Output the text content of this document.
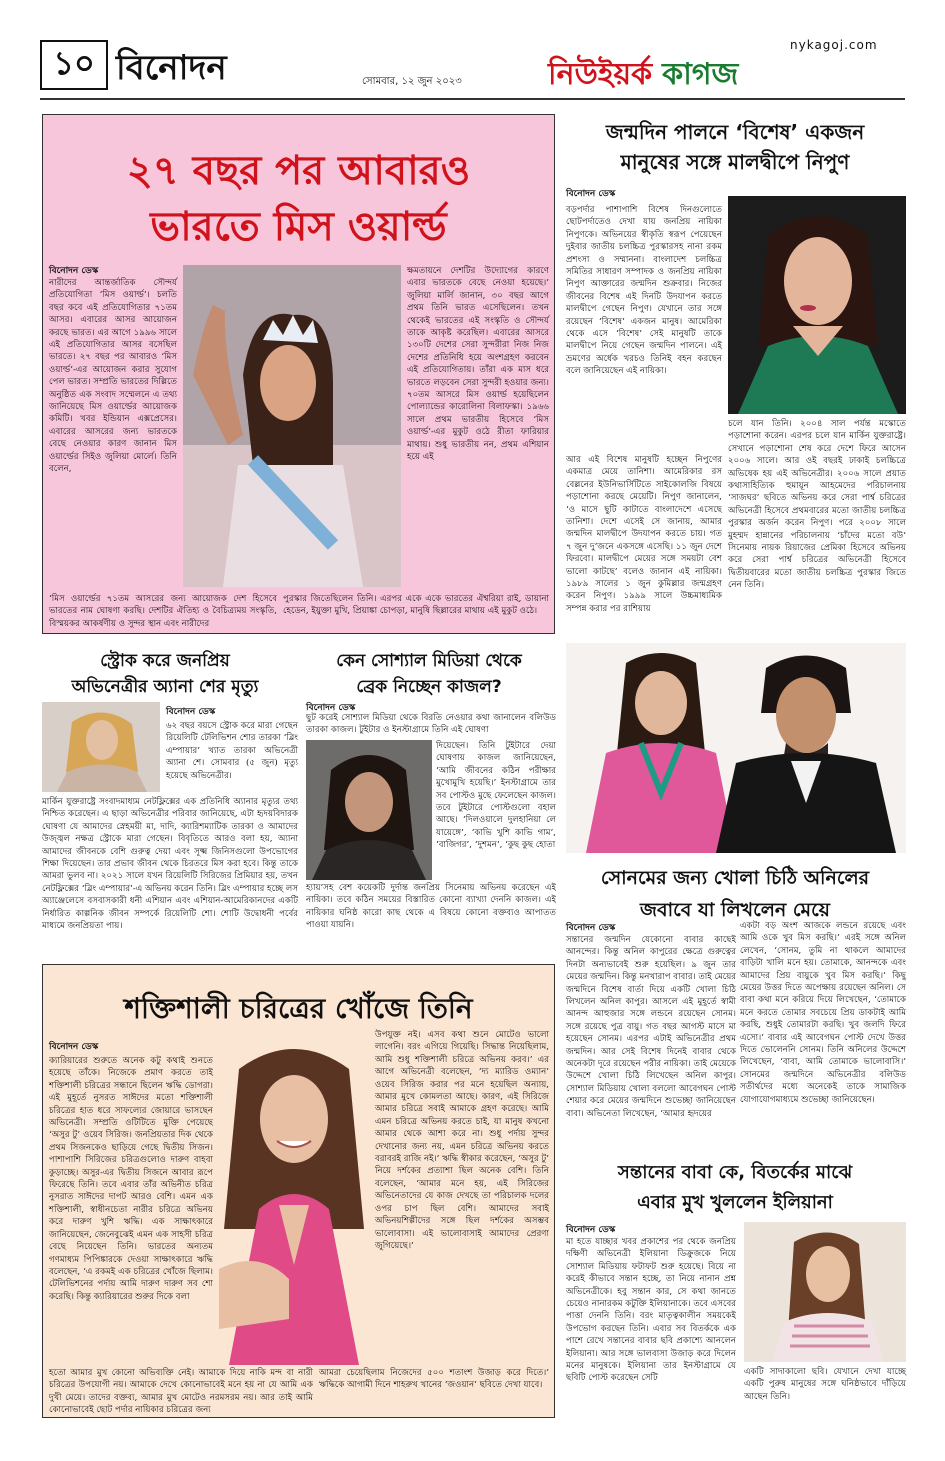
১০ বিনোদন	সোমবার, ১২ জুন ২০২৩
nykagoj.com
নিউইয়র্ক কাগজ
২৭ বছর পর আবারও
ভারতে মিস ওয়ার্ল্ড
বিনোদন ডেস্ক
নারীদের আন্তর্জাতিক সৌন্দর্য প্রতিযোগিতা ‘মিস ওয়ার্ল্ড’। চলতি বছর কবে এই প্রতিযোগিতার ৭১তম আসর। এবারের আসর আয়োজন করছে ভারত। এর আগে ১৯৯৬ সালে এই প্রতিযোগিতার আসর বসেছিল ভারতে। ২৭ বছর পর আবারও ‘মিস ওয়ার্ল্ড’-এর আয়োজন করার সুযোগ পেল ভারত। সম্প্রতি ভারতের দিল্লিতে অনুষ্ঠিত এক সংবাদ সম্মেলনে এ তথ্য জানিয়েছে মিস ওয়ার্ল্ডের আয়োজক কমিটি। খবর ইন্ডিয়ান এক্সপ্রেসের। এবারের আসরের জন্য ভারতকে বেছে নেওয়ার কারণ জানান মিস ওয়ার্ল্ডের সিইও জুলিয়া মোর্লে। তিনি বলেন,
ক্ষমতায়নে দেশটির উদ্যোগের কারণে এবার ভারতকে বেছে নেওয়া হয়েছে।’ জুলিয়া মার্লি জানান, ৩০ বছর আগে প্রথম তিনি ভারত এসেছিলেন। তখন থেকেই ভারতের এই সংস্কৃতি ও সৌন্দর্য তাকে আকৃষ্ট করেছিল। এবারের আসরে ১৩০টি দেশের সেরা সুন্দরীরা নিজ নিজ দেশের প্রতিনিধি হয়ে অংশগ্রহণ করবেন এই প্রতিযোগিতায়। তাঁরা এক মাস ধরে ভারতে লড়বেন সেরা সুন্দরী হওয়ার জন্য। ৭০তম আসরে মিস ওয়ার্ল্ড হয়েছিলেন পোল্যান্ডের কারোলিনা বিলাফস্কা। ১৯৬৬ সালে প্রথম ভারতীয় হিসেবে ‘মিস ওয়ার্ল্ড’-এর মুকুট ওঠে রীতা ফারিয়ার মাথায়। শুধু ভারতীয় নন, প্রথম এশিয়ান হয়ে এই
‘মিস ওয়ার্ল্ডের ৭১তম আসরের জন্য আয়োজক দেশ হিসেবে ভারতের নাম ঘোষণা করছি। দেশটির ঐতিহ্য ও বৈচিত্র্যময় সংস্কৃতি, বিস্ময়কর আকর্ষণীয় ও সুন্দর স্থান এবং নারীদের
পুরস্কার জিতেছিলেন তিনি। এরপর একে একে ভারতের ঐশ্বরিয়া রাই, ডায়ানা হেডেন, ইয়ুক্তা মুখি, প্রিয়াঙ্কা চোপড়া, মানুষি ছিল্লারের মাথায় এই মুকুট ওঠে।
জন্মদিন পালনে ‘বিশেষ’ একজন
মানুষের সঙ্গে মালদ্বীপে নিপুণ
বিনোদন ডেস্ক
বড়পর্দার পাশাপাশি বিশেষ দিনগুলোতে ছোটপর্দাতেও দেখা যায় জনপ্রিয় নায়িকা নিপুণকে। অভিনয়ের স্বীকৃতি স্বরূপ পেয়েছেন দুইবার জাতীয় চলচ্চিত্র পুরস্কারসহ নানা রকম প্রশংসা ও সম্মাননা। বাংলাদেশ চলচ্চিত্র সমিতির সাধারণ সম্পাদক ও জনপ্রিয় নায়িকা নিপুণ আক্তারের জন্মদিন শুক্রবার। নিজের জীবনের বিশেষ এই দিনটি উদযাপন করতে মালদ্বীপে গেছেন নিপুণ। যেখানে তার সঙ্গে রয়েছেন ‘বিশেষ’ একজন মানুষ। আমেরিকা থেকে এসে ‘বিশেষ’ সেই মানুষটি তাকে মালদ্বীপে নিয়ে গেছেন জন্মদিন পালনে। এই ভ্রমণের অর্ধেক খরচও তিনিই বহন করছেন বলে জানিয়েছেন এই নায়িকা।
আর এই বিশেষ মানুষটি হচ্ছেন নিপুণের একমাত্র মেয়ে তানিশা। আমেরিকার রস বেল্লনের ইউনিভার্সিটিতে সাইকোলজি বিষয়ে পড়াশোনা করছে মেয়েটি। নিপুণ জানালেন, ‘ও মাসে ছুটি কাটাতে বাংলাদেশে এসেছে তানিশা। দেশে এসেই সে জানায়, আমার জন্মদিন মালদ্বীপে উদযাপন করতে চায়। গত ৭ জুন দু’জনে একসঙ্গে এসেছি। ১১ জুন দেশে ফিরবো। মালদ্বীপে মেয়ের সঙ্গে সময়টা বেশ ভালো কাটছে’ বলেও জানান এই নায়িকা। ১৯৮৯ সালের ১ জুন কুমিল্লার জন্মগ্রহণ করেন নিপুণ। ১৯৯৯ সালে উচ্চমাধ্যমিক সম্পন্ন করার পর রাশিয়ায়
চলে যান তিনি। ২০০৪ সাল পর্যন্ত মস্কোতে পড়াশোনা করেন। এরপর চলে যান মার্কিন যুক্তরাষ্ট্রে। সেখানে পড়াশোনা শেষ করে দেশে ফিরে আসেন ২০০৬ সালে। আর ওই বছরই ঢাকাই চলচ্চিত্রে অভিষেক হয় এই অভিনেত্রীর। ২০০৬ সালে প্রয়াত কথাসাহিত্যিক হুমায়ূন আহমেদের পরিচালনায় ‘সাজঘর’ ছবিতে অভিনয় করে সেরা পার্শ্ব চরিত্রের অভিনেত্রী হিসেবে প্রথমবারের মতো জাতীয় চলচ্চিত্র পুরস্কার অর্জন করেন নিপুণ। পরে ২০০৮ সালে মুহম্মদ হান্নানের পরিচালনায় ‘চাঁদের মতো বউ’ সিনেমায় নায়ক রিয়াজের প্রেমিকা হিসেবে অভিনয় করে সেরা পার্শ্ব চরিত্রের অভিনেত্রী হিসেবে দ্বিতীয়বারের মতো জাতীয় চলচ্চিত্র পুরস্কার জিতে নেন তিনি।
স্ট্রোক করে জনপ্রিয়
অভিনেত্রীর অ্যানা শের মৃত্যু
বিনোদন ডেস্ক
৬২ বছর বয়সে স্ট্রোক করে মারা গেছেন রিয়েলিটি টেলিভিশন শোর তারকা ‘ব্লিং এম্পায়ার’ খ্যাত তারকা অভিনেত্রী অ্যানা শে। সোমবার (৫ জুন) মৃত্যু হয়েছে অভিনেত্রীর।
মার্কিন যুক্তরাষ্ট্রে সংবাদমাধ্যম নেটফ্লিক্সের এক প্রতিনিধি অ্যানার মৃত্যুর তথ্য নিশ্চিত করেছেন। এ ছাড়া অভিনেত্রীর পরিবার জানিয়েছে, এটা হৃদয়বিদারক ঘোষণা যে আমাদের স্নেহময়ী মা, দাদি, ক্যারিশম্যাটিক তারকা ও আমাদের উজ্জ্বল নক্ষত্র স্ট্রোকে মারা গেছেন। বিবৃতিতে আরও বলা হয়, অ্যানা আমাদের জীবনকে বেশি গুরুত্ব দেয়া এবং সূক্ষ্ম জিনিসগুলো উপভোগের শিক্ষা দিয়েছেন। তার প্রভাব জীবন থেকে চিরতরে মিস করা হবে। কিন্তু তাকে আমরা ভুলব না। ২০২১ সালে যখন রিয়েলিটি সিরিজের প্রিমিয়ার হয়, তখন নেটফ্লিক্সের ‘ব্লিং এম্পায়ার’-এ অভিনয় করেন তিনি। ব্লিং এম্পায়ার হচ্ছে লস অ্যাঞ্জেলেসে বসবাসকারী ধনী এশিয়ান এবং এশিয়ান-আমেরিকানদের একটি নির্ধারিত কাল্পনিক জীবন সম্পর্কে রিয়েলিটি শো। শোটি উদ্বোধনী পর্বের মাধ্যমে জনপ্রিয়তা পায়।
কেন সোশ্যাল মিডিয়া থেকে
ব্রেক নিচ্ছেন কাজল?
বিনোদন ডেস্ক
ছুট করেই সোশ্যাল মিডিয়া থেকে বিরতি নেওয়ার কথা জানালেন বলিউড তারকা কাজল। টুইটার ও ইনস্টাগ্রামে তিনি এই ঘোষণা
দিয়েছেন। তিনি টুইটারে দেয়া ঘোষণায় কাজল জানিয়েছেন, ‘আমি জীবনের কঠিন পরীক্ষার মুখোমুখি হয়েছি।’ ইনস্টাগ্রামে তার সব পোস্টও মুছে ফেলেছেন কাজল। তবে টুইটারে পোস্টগুলো বহাল আছে। ‘দিলওয়ালে দুলহানিয়া লে যায়েঙ্গে’, ‘কাভি খুশি কাভি গাম’, ‘বাজিগর’, ‘দুশমন’, ‘কুছ কুছ হোতা
হ্যায়’সহ বেশ কয়েকটি দুর্দান্ত জনপ্রিয় সিনেমায় অভিনয় করেছেন এই নায়িকা। তবে কঠিন সময়ের বিস্তারিত কোনো ব্যাখ্যা দেননি কাজল। এই নায়িকার ঘনিষ্ঠ কারো কাছ থেকে এ বিষয়ে কোনো বক্তব্যও আপাতত পাওয়া যায়নি।
সোনমের জন্য খোলা চিঠি অনিলের
জবাবে যা লিখলেন মেয়ে
বিনোদন ডেস্ক
সন্তানের জন্মদিন যেকোনো বাবার কাছেই আনন্দের। কিন্তু অনিল কাপুরের ক্ষেত্রে গুরুত্বের দিনটা অন্যভাবেই শুরু হয়েছিল। ৯ জুন তার মেয়ের জন্মদিন। কিন্তু মনখারাপ বাবার। তাই মেয়ের জন্মদিনে বিশেষ বার্তা দিয়ে একটি খোলা চিঠি লিখলেন অনিল কাপুর। আসলে এই মুহূর্তে স্বামী আনন্দ আহুজার সঙ্গে লন্ডনে রয়েছেন সোনম। সঙ্গে রয়েছে পুত্র বায়ু। গত বছর আগস্ট মাসে মা হয়েছেন সোনম। এরপর এটাই অভিনেত্রীর প্রথম জন্মদিন। আর সেই বিশেষ দিনেই বাবার থেকে অনেকটা দূরে রয়েছেন পরীর নায়িকা। তাই মেয়েকে উদ্দেশে খোলা চিঠি লিখেছেন অনিল কাপুর। সোশ্যাল মিডিয়ায় খোলা বললো আবেগঘন পোস্ট শেয়ার করে মেয়ের জন্মদিনে শুভেচ্ছা জানিয়েছেন বাবা। অভিনেতা লিখেছেন, ‘আমার হৃদয়ের
একটা বড় অংশ আজকে লন্ডনে রয়েছে এবং আমি ওকে খুব মিস করছি।’ এরই সঙ্গে অনিল লেখেন, ‘সোনম, তুমি না থাকলে আমাদের বাড়িটা খালি মনে হয়। তোমাকে, আনন্দকে এবং আমাদের প্রিয় বায়ুকে খুব মিস করছি।’ কিছু মেয়ের উত্তর দিতে অপেক্ষায় রয়েছেন অনিল। সে বাবা কথা মনে করিয়ে দিয়ে লিখেছেন, ‘তোমাকে মনে করতে তোমার সবচেয়ে প্রিয় ডাকটাই আমি করছি, শুধুই তোমারটা করছি। খুব জলদি ফিরে এসো।’ বাবার এই আবেগঘন পোস্ট দেখে উত্তর দিতে ভোলেননি সোনম। তিনি অনিলের উদ্দেশে লিখেছেন, ‘বাবা, আমি তোমাকে ভালোবাসি।’ সোনমের জন্মদিনে অভিনেত্রীর বলিউড সতীর্থদের মধ্যে অনেকেই তাকে সামাজিক যোগাযোগমাধ্যমে শুভেচ্ছা জানিয়েছেন।
শক্তিশালী চরিত্রের খোঁজে তিনি
বিনোদন ডেস্ক
ক্যারিয়ারের শুরুতে অনেক কটু কথাই শুনতে হয়েছে তাঁকে। নিজেকে প্রমাণ করতে তাই শক্তিশালী চরিত্রের সন্ধানে ছিলেন ঋদ্ধি ডোগরা। এই মুহূর্তে নুসরত সাঈদের মতো শক্তিশালী চরিত্রের হাত ধরে সাফল্যের জোয়ারে ভাসছেন অভিনেত্রী। সম্প্রতি ওটিটিতে মুক্তি পেয়েছে ‘অসুর টু’ ওয়েব সিরিজ। জনপ্রিয়তার দিক থেকে প্রথম সিজনকেও ছাড়িয়ে গেছে দ্বিতীয় সিজন। পাশাপাশি সিরিজের চরিত্রগুলোও দারুণ বাহবা কুড়াচ্ছে। অসুর-এর দ্বিতীয় সিজনে আবার রূপে ফিরেছে তিনি। তবে এবার তাঁর অভিনীত চরিত্র নুসরাত সাঈদের দাপট আরও বেশি। এমন এক শক্তিশালী, স্বাধীনচেতা নারীর চরিত্রে অভিনয় করে দারুণ খুশি ঋদ্ধি। এক সাক্ষাৎকারে জানিয়েছেন, জেনেবুঝেই এমন এক সাহসী চরিত্র বেছে নিয়েছেন তিনি। ভারতের অন্যতম গণমাধ্যম পিপিঙ্কারকে দেওয়া সাক্ষাৎকারে ঋদ্ধি বলেছেন, ‘এ রকমই এক চরিত্রের খোঁজে ছিলাম। টেলিভিশনের পর্দায় আমি দারুণ দারুণ সব শো করেছি। কিন্তু ক্যারিয়ারের শুরুর দিকে বলা
উপযুক্ত নই। এসব কথা শুনে মোটেও ভালো লাগেনি। বরং এগিয়ে গিয়েছি। সিদ্ধান্ত নিয়েছিলাম, আমি শুধু শক্তিশালী চরিত্রে অভিনয় করব।’ এর আগে অভিনেত্রী বলেছেন, ‘দ্য ম্যারিড ওম্যান’ ওয়েব সিরিজ করার পর মনে হয়েছিল অন্যায়, আমার মুখে কোমলতা আছে। কারণ, এই সিরিজে আমার চরিত্রে সবাই আমাকে গ্রহণ করেছে। আমি এমন চরিত্রে অভিনয় করতে চাই, যা মানুষ কখনো আমার থেকে আশা করে না। শুধু পর্দায় সুন্দর দেখানোর জন্য নয়, এমন চরিত্রে অভিনয় করতে বরাবরই রাজি নই।’ ঋদ্ধি স্বীকার করেছেন, ‘অসুর টু’ নিয়ে দর্শকের প্রত্যাশা ছিল অনেক বেশি। তিনি বলেছেন, ‘আমার মনে হয়, এই সিরিজের অভিনেতাদের যে কাজ দেখছে তা পরিচালক দলের ওপর চাপ ছিল বেশি। আমাদের সবাই অভিনয়শিল্পীদের সঙ্গে ছিল দর্শকের অসম্ভব ভালোবাসা। এই ভালোবাসাই আমাদের প্রেরণা জুগিয়েছে।’
হতো আমার মুখ কোনো অভিব্যক্তি নেই। আমাকে দিয়ে নাকি মন্দ বা নারী চরিত্রের উপযোগী নয়। আমাকে দেখে কোনোভাবেই মনে হয় না যে আমি এক দুখী মেয়ে। তাদের বক্তব্য, আমার মুখ মোটেও নরমসরম নয়। আর তাই আমি কোনোভাবেই ছোট পর্দার নায়িকার চরিত্রের জন্য
আমরা চেয়েছিলাম নিজেদের ৫০০ শতাংশ উজাড় করে দিতে।’ ঋদ্ধিকে আগামী দিনে শাহরুখ খানের ‘জওয়ান’ ছবিতে দেখা যাবে।
সন্তানের বাবা কে, বিতর্কের মাঝে
এবার মুখ খুললেন ইলিয়ানা
বিনোদন ডেস্ক
মা হতে যাচ্ছার খবর প্রকাশের পর থেকে জনপ্রিয় দক্ষিণী অভিনেত্রী ইলিয়ানা ডিক্রুজকে নিয়ে সোশ্যাল মিডিয়ায় ফটাফট শুরু হয়েছে। বিয়ে না করেই কীভাবে সন্তান হচ্ছে, তা নিয়ে নানান প্রশ্ন অভিনেত্রীকে। হবু সন্তান কার, সে কথা জানতে চেয়েও নানারকম কটুক্তি ইলিয়ানাকে। তবে এসবের পাত্তা দেননি তিনি। বরং মাতৃত্বকালীন সময়কেই উপভোগ করছেন তিনি। এবার সব বিতর্ককে এক পাশে রেখে সন্তানের বাবার ছবি প্রকাশ্যে আনলেন ইলিয়ানা। আর সঙ্গে ভালবাসা উজাড় করে দিলেন মনের মানুষকে। ইলিয়ানা তার ইনস্টাগ্রামে যে ছবিটি পোস্ট করেছেন সেটি
একটি সাদাকালো ছবি। যেখানে দেখা যাচ্ছে একটি পুরুষ মানুষের সঙ্গে ঘনিষ্ঠভাবে দাঁড়িয়ে আছেন তিনি।
